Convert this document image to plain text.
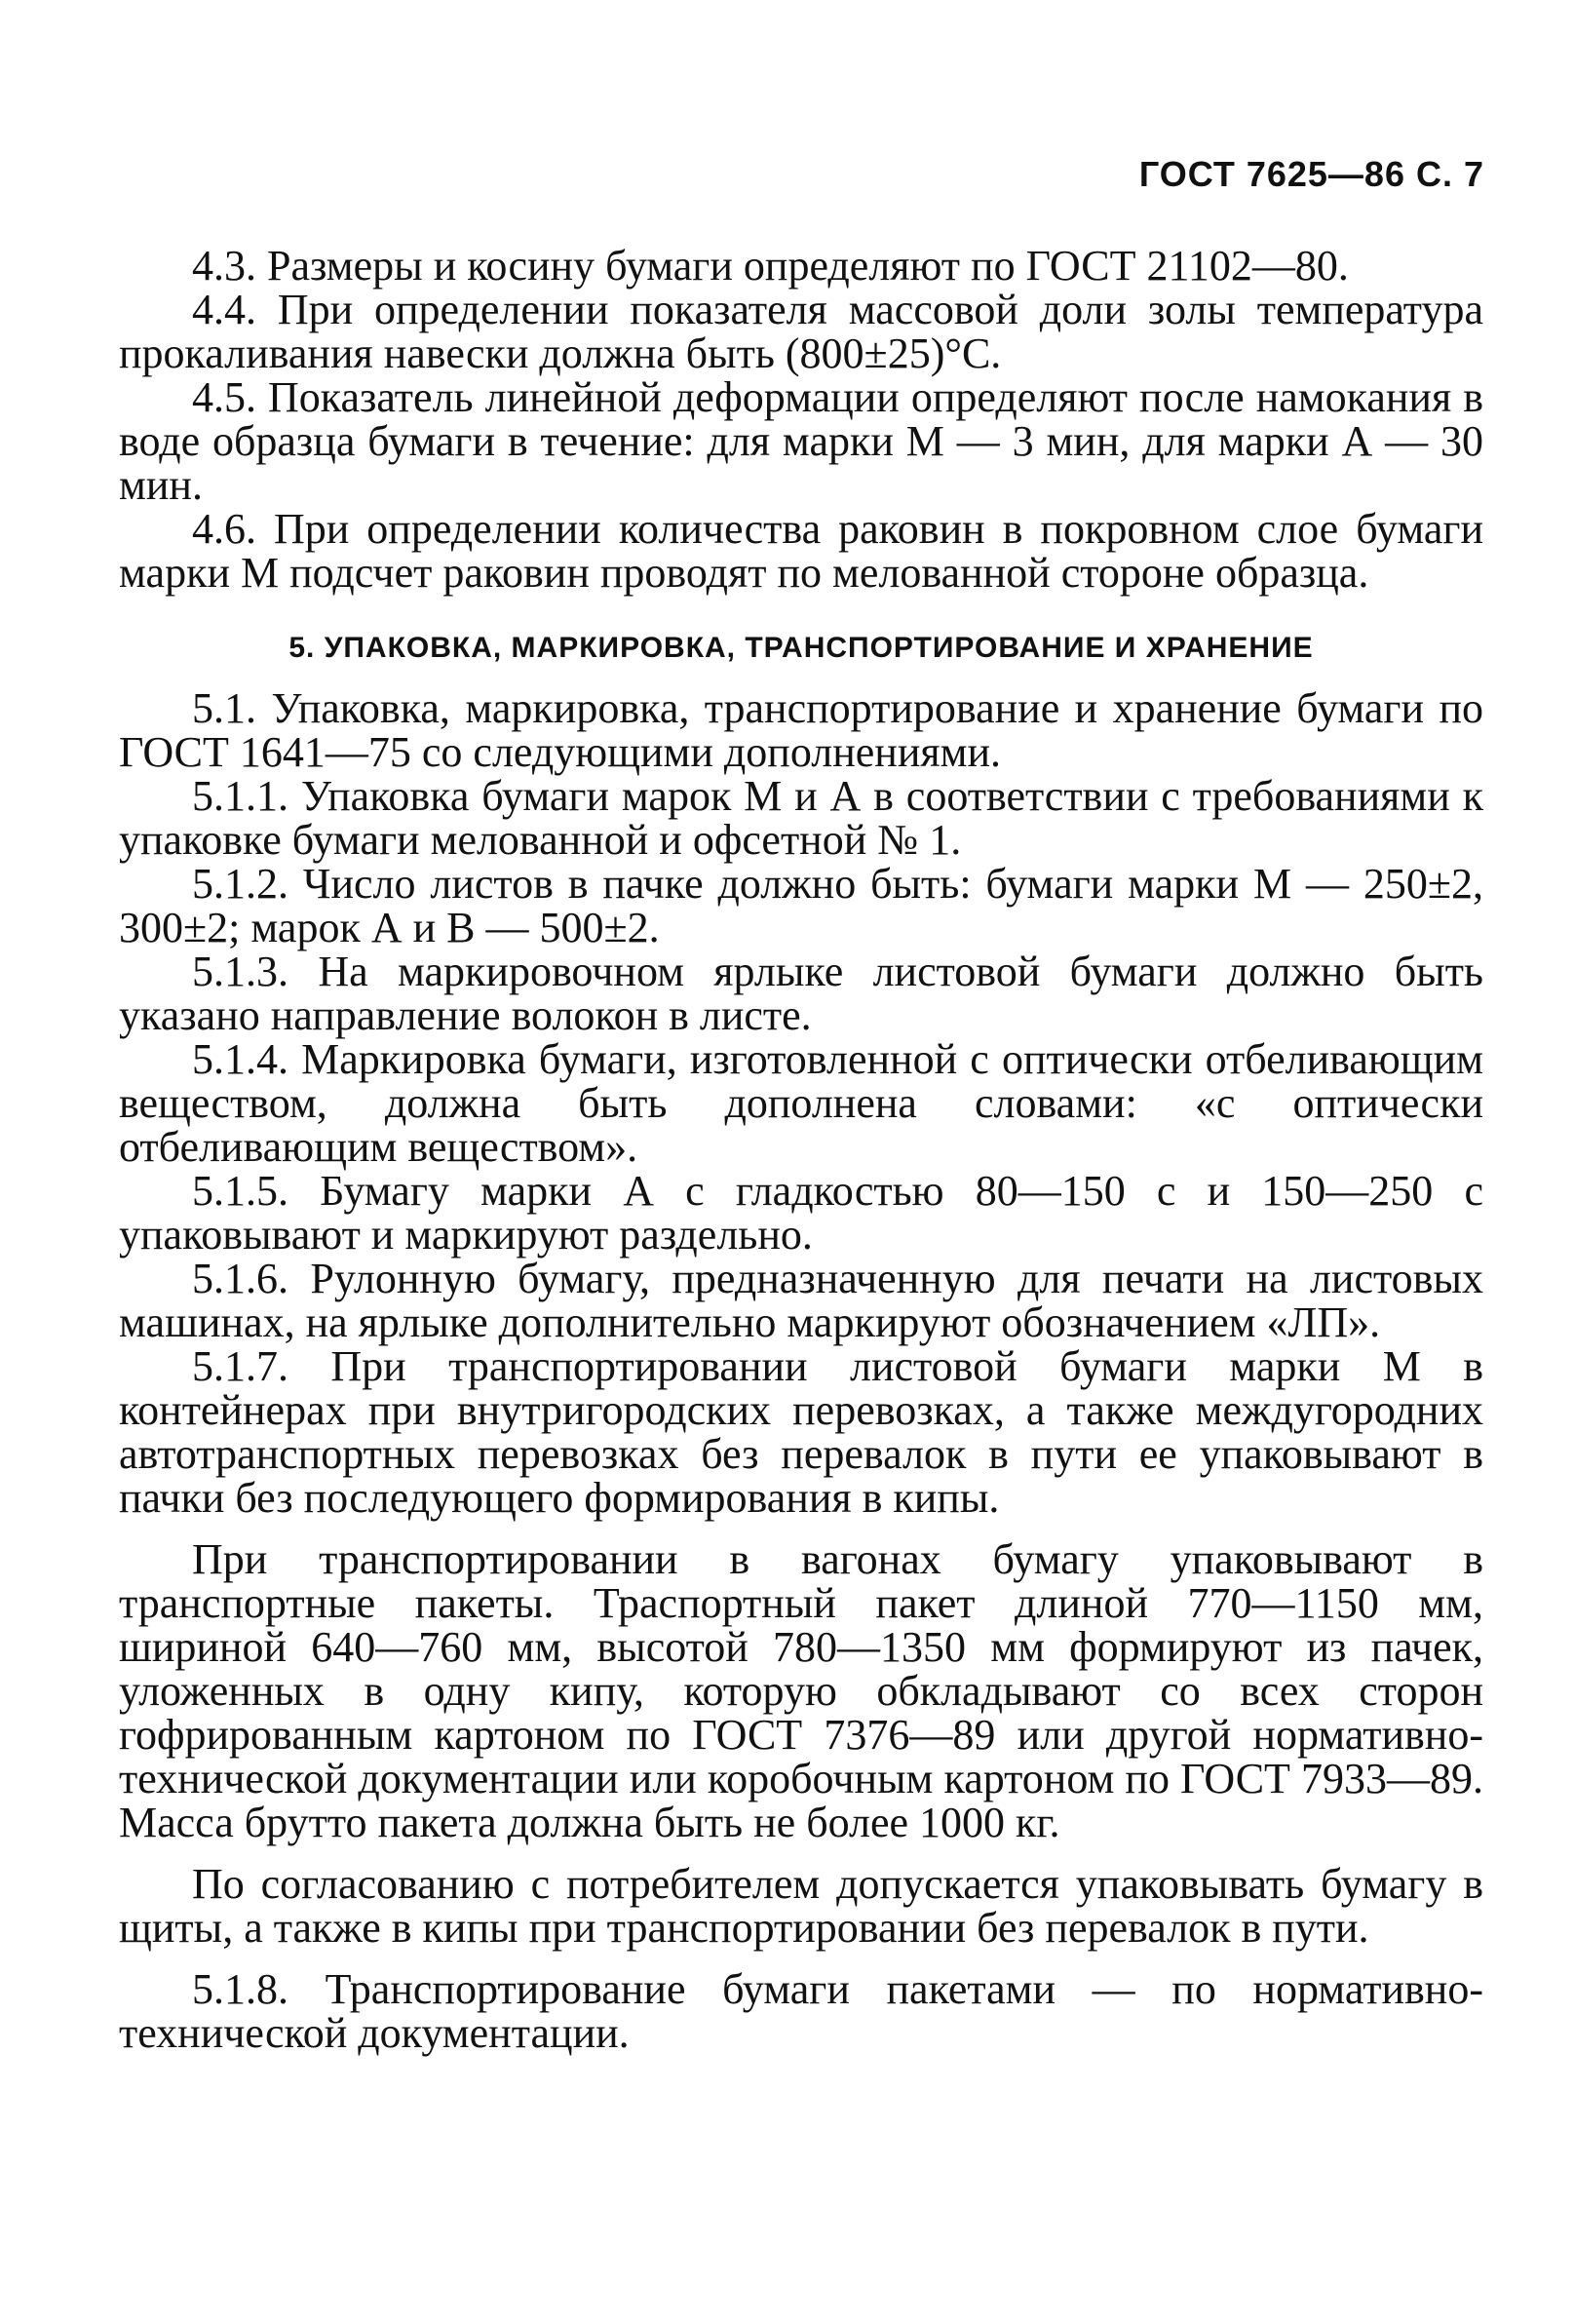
ГОСТ 7625—86 С. 7

4.3. Размеры и косину бумаги определяют по ГОСТ 21102—80.

4.4. При определении показателя массовой доли золы температура прокаливания навески должна быть (800±25)°С.

4.5. Показатель линейной деформации определяют после намокания в воде образца бумаги в течение: для марки М — 3 мин, для марки А — 30 мин.

4.6. При определении количества раковин в покровном слое бумаги марки М подсчет раковин проводят по мелованной стороне образца.

5. УПАКОВКА, МАРКИРОВКА, ТРАНСПОРТИРОВАНИЕ И ХРАНЕНИЕ

5.1. Упаковка, маркировка, транспортирование и хранение бумаги по ГОСТ 1641—75 со следующими дополнениями.

5.1.1. Упаковка бумаги марок М и А в соответствии с требованиями к упаковке бумаги мелованной и офсетной № 1.

5.1.2. Число листов в пачке должно быть: бумаги марки М — 250±2, 300±2; марок А и В — 500±2.

5.1.3. На маркировочном ярлыке листовой бумаги должно быть указано направление волокон в листе.

5.1.4. Маркировка бумаги, изготовленной с оптически отбеливающим веществом, должна быть дополнена словами: «с оптически отбеливающим веществом».

5.1.5. Бумагу марки А с гладкостью 80—150 с и 150—250 с упаковывают и маркируют раздельно.

5.1.6. Рулонную бумагу, предназначенную для печати на листовых машинах, на ярлыке дополнительно маркируют обозначением «ЛП».

5.1.7. При транспортировании листовой бумаги марки М в контейнерах при внутригородских перевозках, а также междугородних автотранспортных перевозках без перевалок в пути ее упаковывают в пачки без последующего формирования в кипы.

При транспортировании в вагонах бумагу упаковывают в транспортные пакеты. Траспортный пакет длиной 770—1150 мм, шириной 640—760 мм, высотой 780—1350 мм формируют из пачек, уложенных в одну кипу, которую обкладывают со всех сторон гофрированным картоном по ГОСТ 7376—89 или другой нормативно-технической документации или коробочным картоном по ГОСТ 7933—89. Масса брутто пакета должна быть не более 1000 кг.

По согласованию с потребителем допускается упаковывать бумагу в щиты, а также в кипы при транспортировании без перевалок в пути.

5.1.8. Транспортирование бумаги пакетами — по нормативно-технической документации.
